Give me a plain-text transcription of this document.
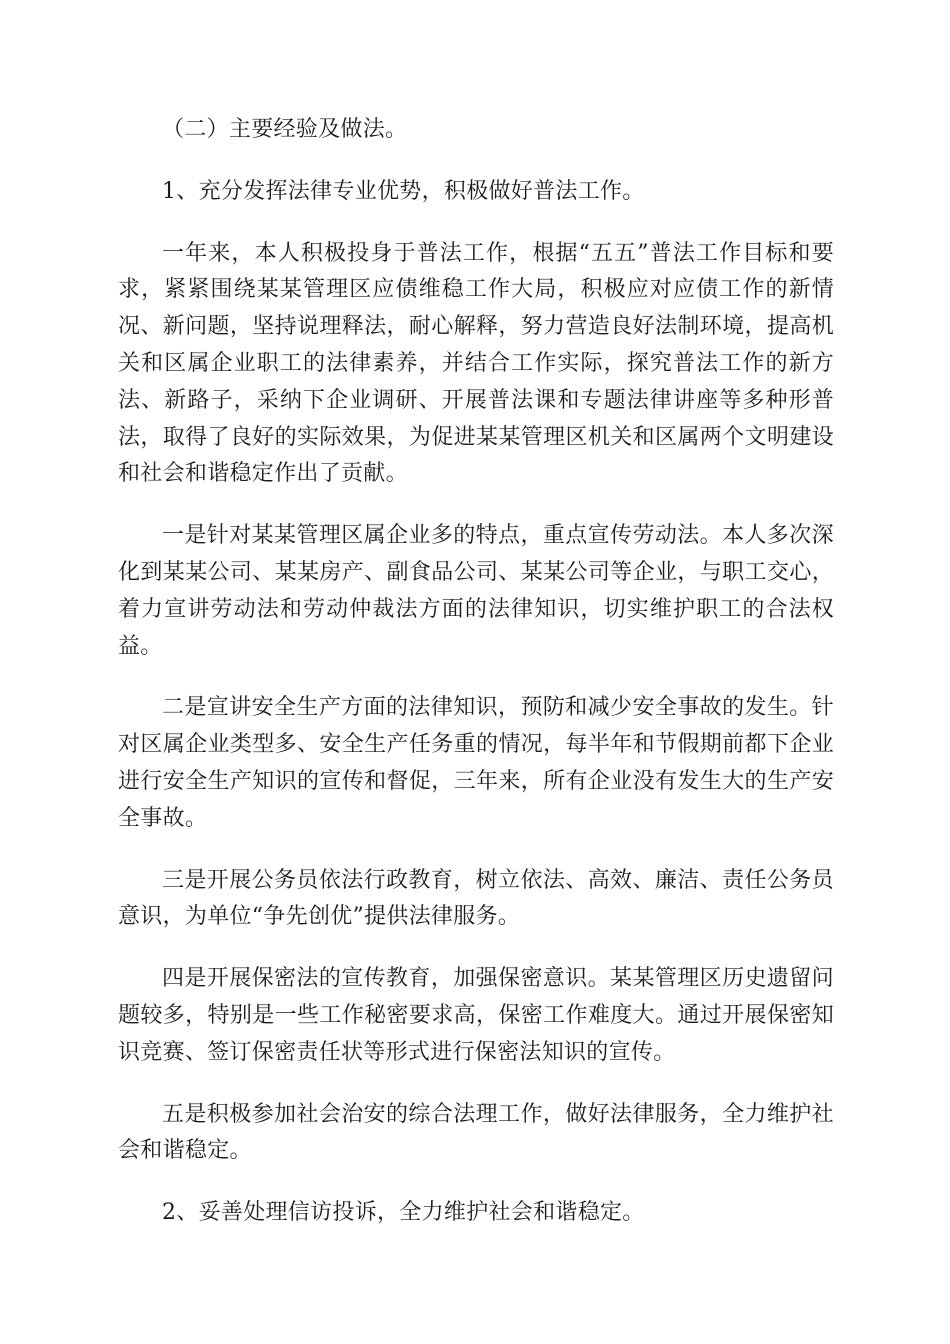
（二）主要经验及做法。

1、充分发挥法律专业优势，积极做好普法工作。

一年来，本人积极投身于普法工作，根据“五五”普法工作目标和要求，紧紧围绕某某管理区应债维稳工作大局，积极应对应债工作的新情况、新问题，坚持说理释法，耐心解释，努力营造良好法制环境，提高机关和区属企业职工的法律素养，并结合工作实际，探究普法工作的新方法、新路子，采纳下企业调研、开展普法课和专题法律讲座等多种形普法，取得了良好的实际效果，为促进某某管理区机关和区属两个文明建设和社会和谐稳定作出了贡献。

一是针对某某管理区属企业多的特点，重点宣传劳动法。本人多次深化到某某公司、某某房产、副食品公司、某某公司等企业，与职工交心，着力宣讲劳动法和劳动仲裁法方面的法律知识，切实维护职工的合法权益。

二是宣讲安全生产方面的法律知识，预防和减少安全事故的发生。针对区属企业类型多、安全生产任务重的情况，每半年和节假期前都下企业进行安全生产知识的宣传和督促，三年来，所有企业没有发生大的生产安全事故。

三是开展公务员依法行政教育，树立依法、高效、廉洁、责任公务员意识，为单位“争先创优”提供法律服务。

四是开展保密法的宣传教育，加强保密意识。某某管理区历史遗留问题较多，特别是一些工作秘密要求高，保密工作难度大。通过开展保密知识竞赛、签订保密责任状等形式进行保密法知识的宣传。

五是积极参加社会治安的综合法理工作，做好法律服务，全力维护社会和谐稳定。

2、妥善处理信访投诉，全力维护社会和谐稳定。
